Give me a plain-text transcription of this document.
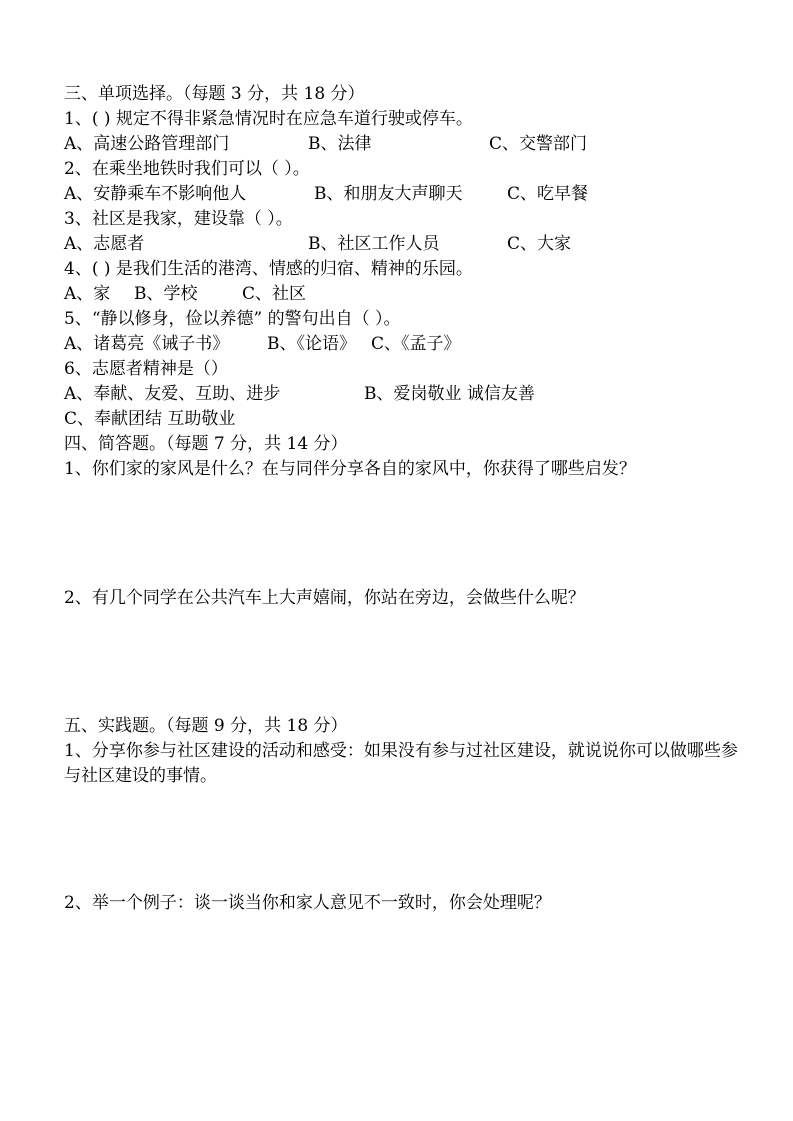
三、单项选择。（每题 3 分，共 18 分）
1、( ) 规定不得非紧急情况时在应急车道行驶或停车。
A、高速公路管理部门	B、法律	C、交警部门
2、在乘坐地铁时我们可以（ ）。
A、安静乘车不影响他人	B、和朋友大声聊天	C、吃早餐
3、社区是我家，建设靠（ ）。
A、志愿者	B、社区工作人员	C、大家
4、( ) 是我们生活的港湾、情感的归宿、精神的乐园。
A、家 B、学校	C、社区
5、“静以修身，俭以养德” 的警句出自（ ）。
A、诸葛亮《诫子书》 B、《论语》 C、《孟子》
6、志愿者精神是（）
A、奉献、友爱、互助、进步	B、爱岗敬业 诚信友善
C、奉献团结 互助敬业
四、简答题。（每题 7 分，共 14 分）
1、你们家的家风是什么？在与同伴分享各自的家风中，你获得了哪些启发？
2、有几个同学在公共汽车上大声嬉闹，你站在旁边，会做些什么呢？
五、实践题。（每题 9 分，共 18 分）
1、分享你参与社区建设的活动和感受：如果没有参与过社区建设，就说说你可以做哪些参与社区建设的事情。
2、举一个例子：谈一谈当你和家人意见不一致时，你会处理呢？
